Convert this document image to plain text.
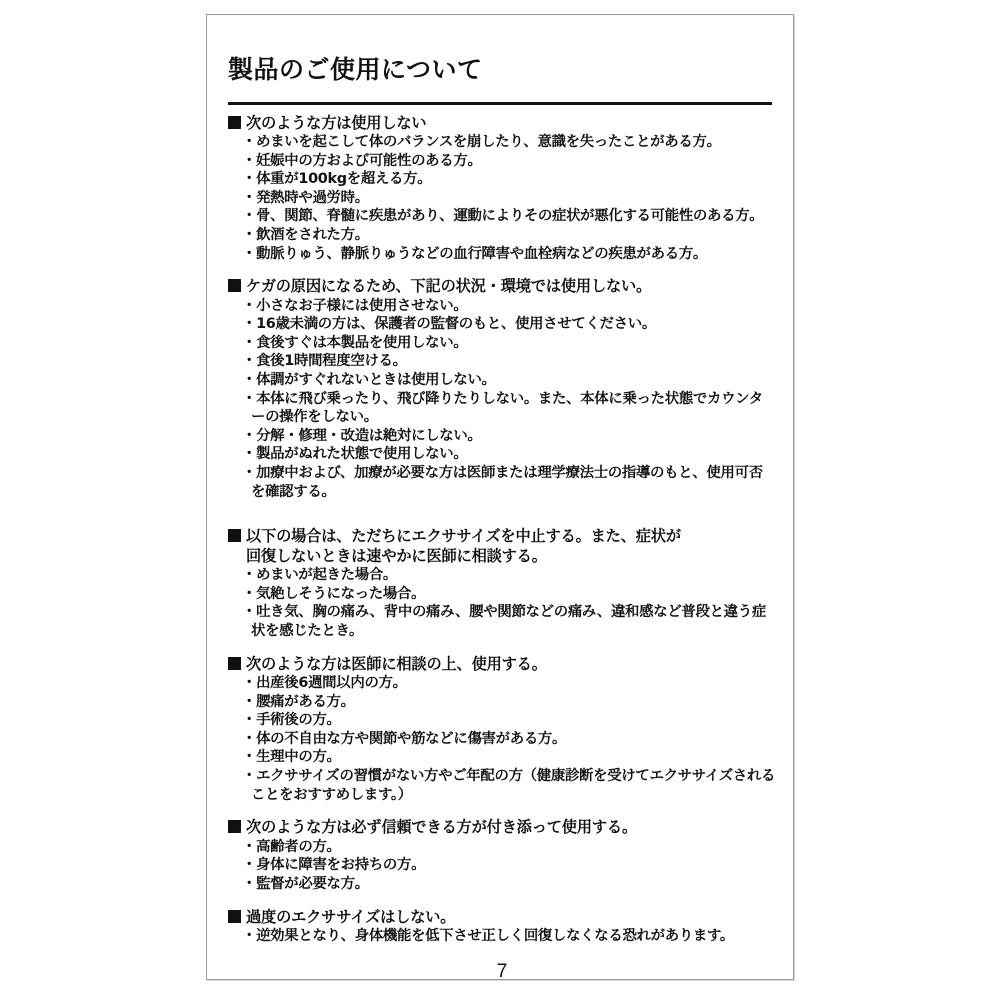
製品のご使用について
次のような方は使用しない
・めまいを起こして体のバランスを崩したり、意識を失ったことがある方。
・妊娠中の方および可能性のある方。
・体重が100kgを超える方。
・発熱時や過労時。
・骨、関節、脊髄に疾患があり、運動によりその症状が悪化する可能性のある方。
・飲酒をされた方。
・動脈りゅう、静脈りゅうなどの血行障害や血栓病などの疾患がある方。
ケガの原因になるため、下記の状況・環境では使用しない。
・小さなお子様には使用させない。
・16歳未満の方は、保護者の監督のもと、使用させてください。
・食後すぐは本製品を使用しない。
・食後1時間程度空ける。
・体調がすぐれないときは使用しない。
・本体に飛び乗ったり、飛び降りたりしない。また、本体に乗った状態でカウンターの操作をしない。
・分解・修理・改造は絶対にしない。
・製品がぬれた状態で使用しない。
・加療中および、加療が必要な方は医師または理学療法士の指導のもと、使用可否を確認する。
以下の場合は、ただちにエクササイズを中止する。また、症状が
回復しないときは速やかに医師に相談する。
・めまいが起きた場合。
・気絶しそうになった場合。
・吐き気、胸の痛み、背中の痛み、腰や関節などの痛み、違和感など普段と違う症状を感じたとき。
次のような方は医師に相談の上、使用する。
・出産後6週間以内の方。
・腰痛がある方。
・手術後の方。
・体の不自由な方や関節や筋などに傷害がある方。
・生理中の方。
・エクササイズの習慣がない方やご年配の方（健康診断を受けてエクササイズされることをおすすめします。）
次のような方は必ず信頼できる方が付き添って使用する。
・高齢者の方。
・身体に障害をお持ちの方。
・監督が必要な方。
過度のエクササイズはしない。
・逆効果となり、身体機能を低下させ正しく回復しなくなる恐れがあります。
7
